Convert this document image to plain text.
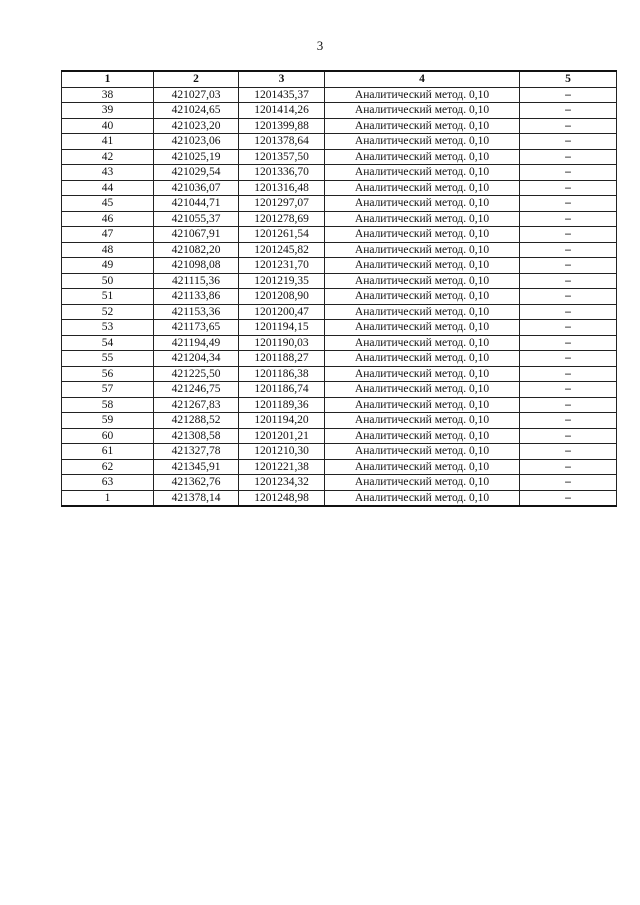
3
1	2	3	4	5
38	421027,03	1201435,37	Аналитический метод. 0,10	–
39	421024,65	1201414,26	Аналитический метод. 0,10	–
40	421023,20	1201399,88	Аналитический метод. 0,10	–
41	421023,06	1201378,64	Аналитический метод. 0,10	–
42	421025,19	1201357,50	Аналитический метод. 0,10	–
43	421029,54	1201336,70	Аналитический метод. 0,10	–
44	421036,07	1201316,48	Аналитический метод. 0,10	–
45	421044,71	1201297,07	Аналитический метод. 0,10	–
46	421055,37	1201278,69	Аналитический метод. 0,10	–
47	421067,91	1201261,54	Аналитический метод. 0,10	–
48	421082,20	1201245,82	Аналитический метод. 0,10	–
49	421098,08	1201231,70	Аналитический метод. 0,10	–
50	421115,36	1201219,35	Аналитический метод. 0,10	–
51	421133,86	1201208,90	Аналитический метод. 0,10	–
52	421153,36	1201200,47	Аналитический метод. 0,10	–
53	421173,65	1201194,15	Аналитический метод. 0,10	–
54	421194,49	1201190,03	Аналитический метод. 0,10	–
55	421204,34	1201188,27	Аналитический метод. 0,10	–
56	421225,50	1201186,38	Аналитический метод. 0,10	–
57	421246,75	1201186,74	Аналитический метод. 0,10	–
58	421267,83	1201189,36	Аналитический метод. 0,10	–
59	421288,52	1201194,20	Аналитический метод. 0,10	–
60	421308,58	1201201,21	Аналитический метод. 0,10	–
61	421327,78	1201210,30	Аналитический метод. 0,10	–
62	421345,91	1201221,38	Аналитический метод. 0,10	–
63	421362,76	1201234,32	Аналитический метод. 0,10	–
1	421378,14	1201248,98	Аналитический метод. 0,10	–
